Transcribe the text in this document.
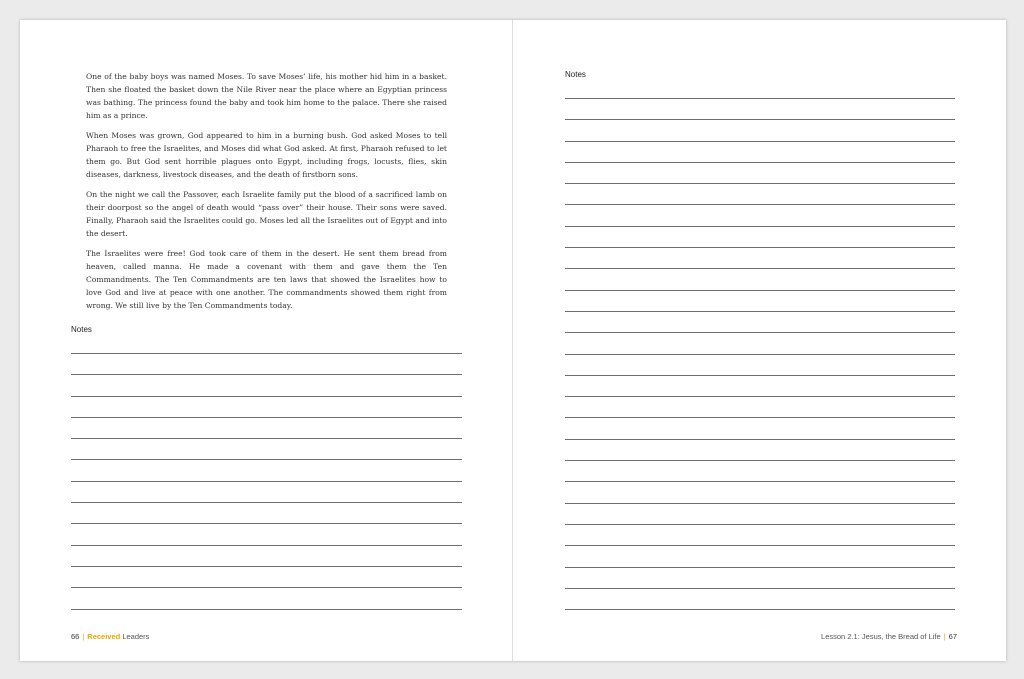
One of the baby boys was named Moses. To save Moses’ life, his mother hid him in a basket. Then she floated the basket down the Nile River near the place where an Egyptian princess was bathing. The princess found the baby and took him home to the palace. There she raised him as a prince.

When Moses was grown, God appeared to him in a burning bush. God asked Moses to tell Pharaoh to free the Israelites, and Moses did what God asked. At first, Pharaoh refused to let them go. But God sent horrible plagues onto Egypt, including frogs, locusts, flies, skin diseases, darkness, livestock diseases, and the death of firstborn sons.

On the night we call the Passover, each Israelite family put the blood of a sacrificed lamb on their doorpost so the angel of death would “pass over” their house. Their sons were saved. Finally, Pharaoh said the Israelites could go. Moses led all the Israelites out of Egypt and into the desert.

The Israelites were free! God took care of them in the desert. He sent them bread from heaven, called manna. He made a covenant with them and gave them the Ten Commandments. The Ten Commandments are ten laws that showed the Israelites how to love God and live at peace with one another. The commandments showed them right from wrong. We still live by the Ten Commandments today.

Notes
66 | Received Leaders
Notes
Lesson 2.1: Jesus, the Bread of Life | 67
